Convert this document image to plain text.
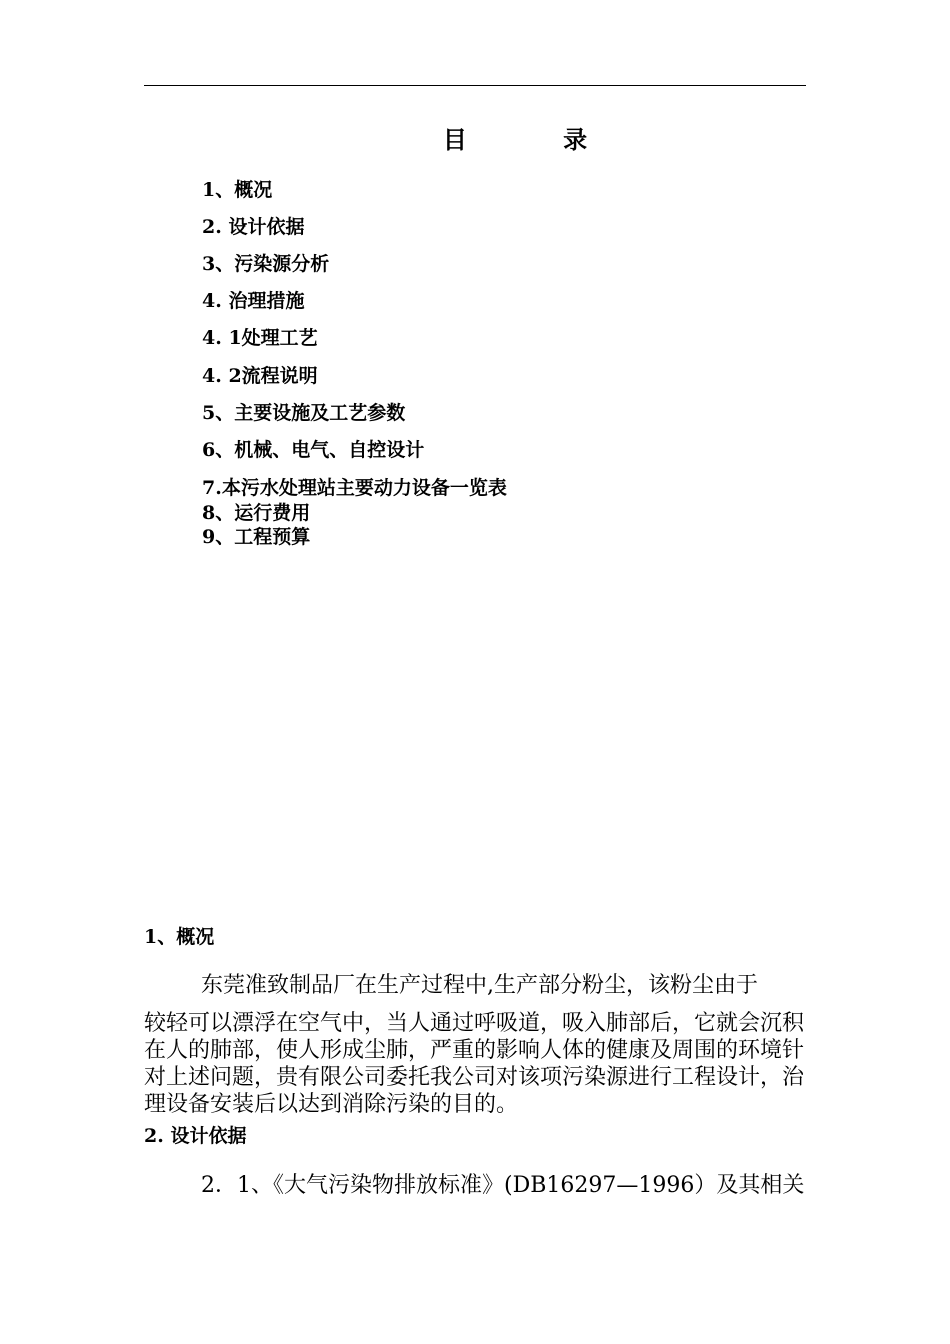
目 录
1、概况
2. 设计依据
3、污染源分析
4. 治理措施
4. 1处理工艺
4. 2流程说明
5、主要设施及工艺参数
6、机械、电气、自控设计
7.本污水处理站主要动力设备一览表
8、运行费用
9、工程预算
1、概况
东莞准致制品厂在生产过程中,生产部分粉尘，该粉尘由于
较轻可以漂浮在空气中，当人通过呼吸道，吸入肺部后，它就会沉积在人的肺部，使人形成尘肺，严重的影响人体的健康及周围的环境针对上述问题，贵有限公司委托我公司对该项污染源进行工程设计，治理设备安装后以达到消除污染的目的。
2. 设计依据
2．1、《大气污染物排放标准》(DB16297—1996）及其相关
